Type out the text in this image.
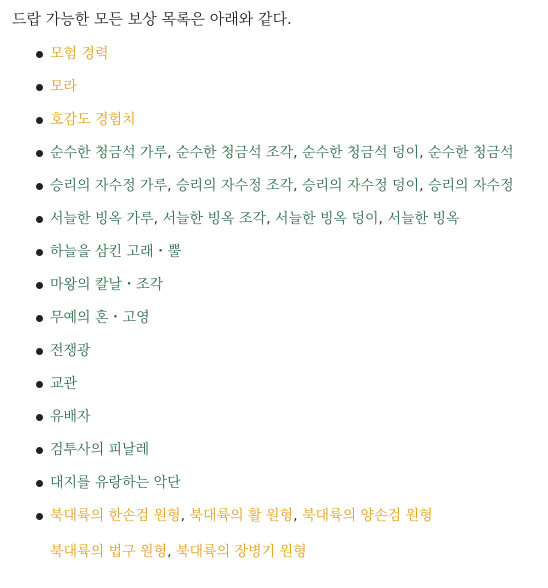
드랍 가능한 모든 보상 목록은 아래와 같다.
모험 경력
모라
호감도 경험치
순수한 청금석 가루, 순수한 청금석 조각, 순수한 청금석 덩이, 순수한 청금석
승리의 자수정 가루, 승리의 자수정 조각, 승리의 자수정 덩이, 승리의 자수정
서늘한 빙옥 가루, 서늘한 빙옥 조각, 서늘한 빙옥 덩이, 서늘한 빙옥
하늘을 삼킨 고래・뿔
마왕의 칼날・조각
무예의 혼・고영
전쟁광
교관
유배자
검투사의 피날레
대지를 유랑하는 악단
북대륙의 한손검 원형, 북대륙의 활 원형, 북대륙의 양손검 원형
북대륙의 법구 원형, 북대륙의 장병기 원형
